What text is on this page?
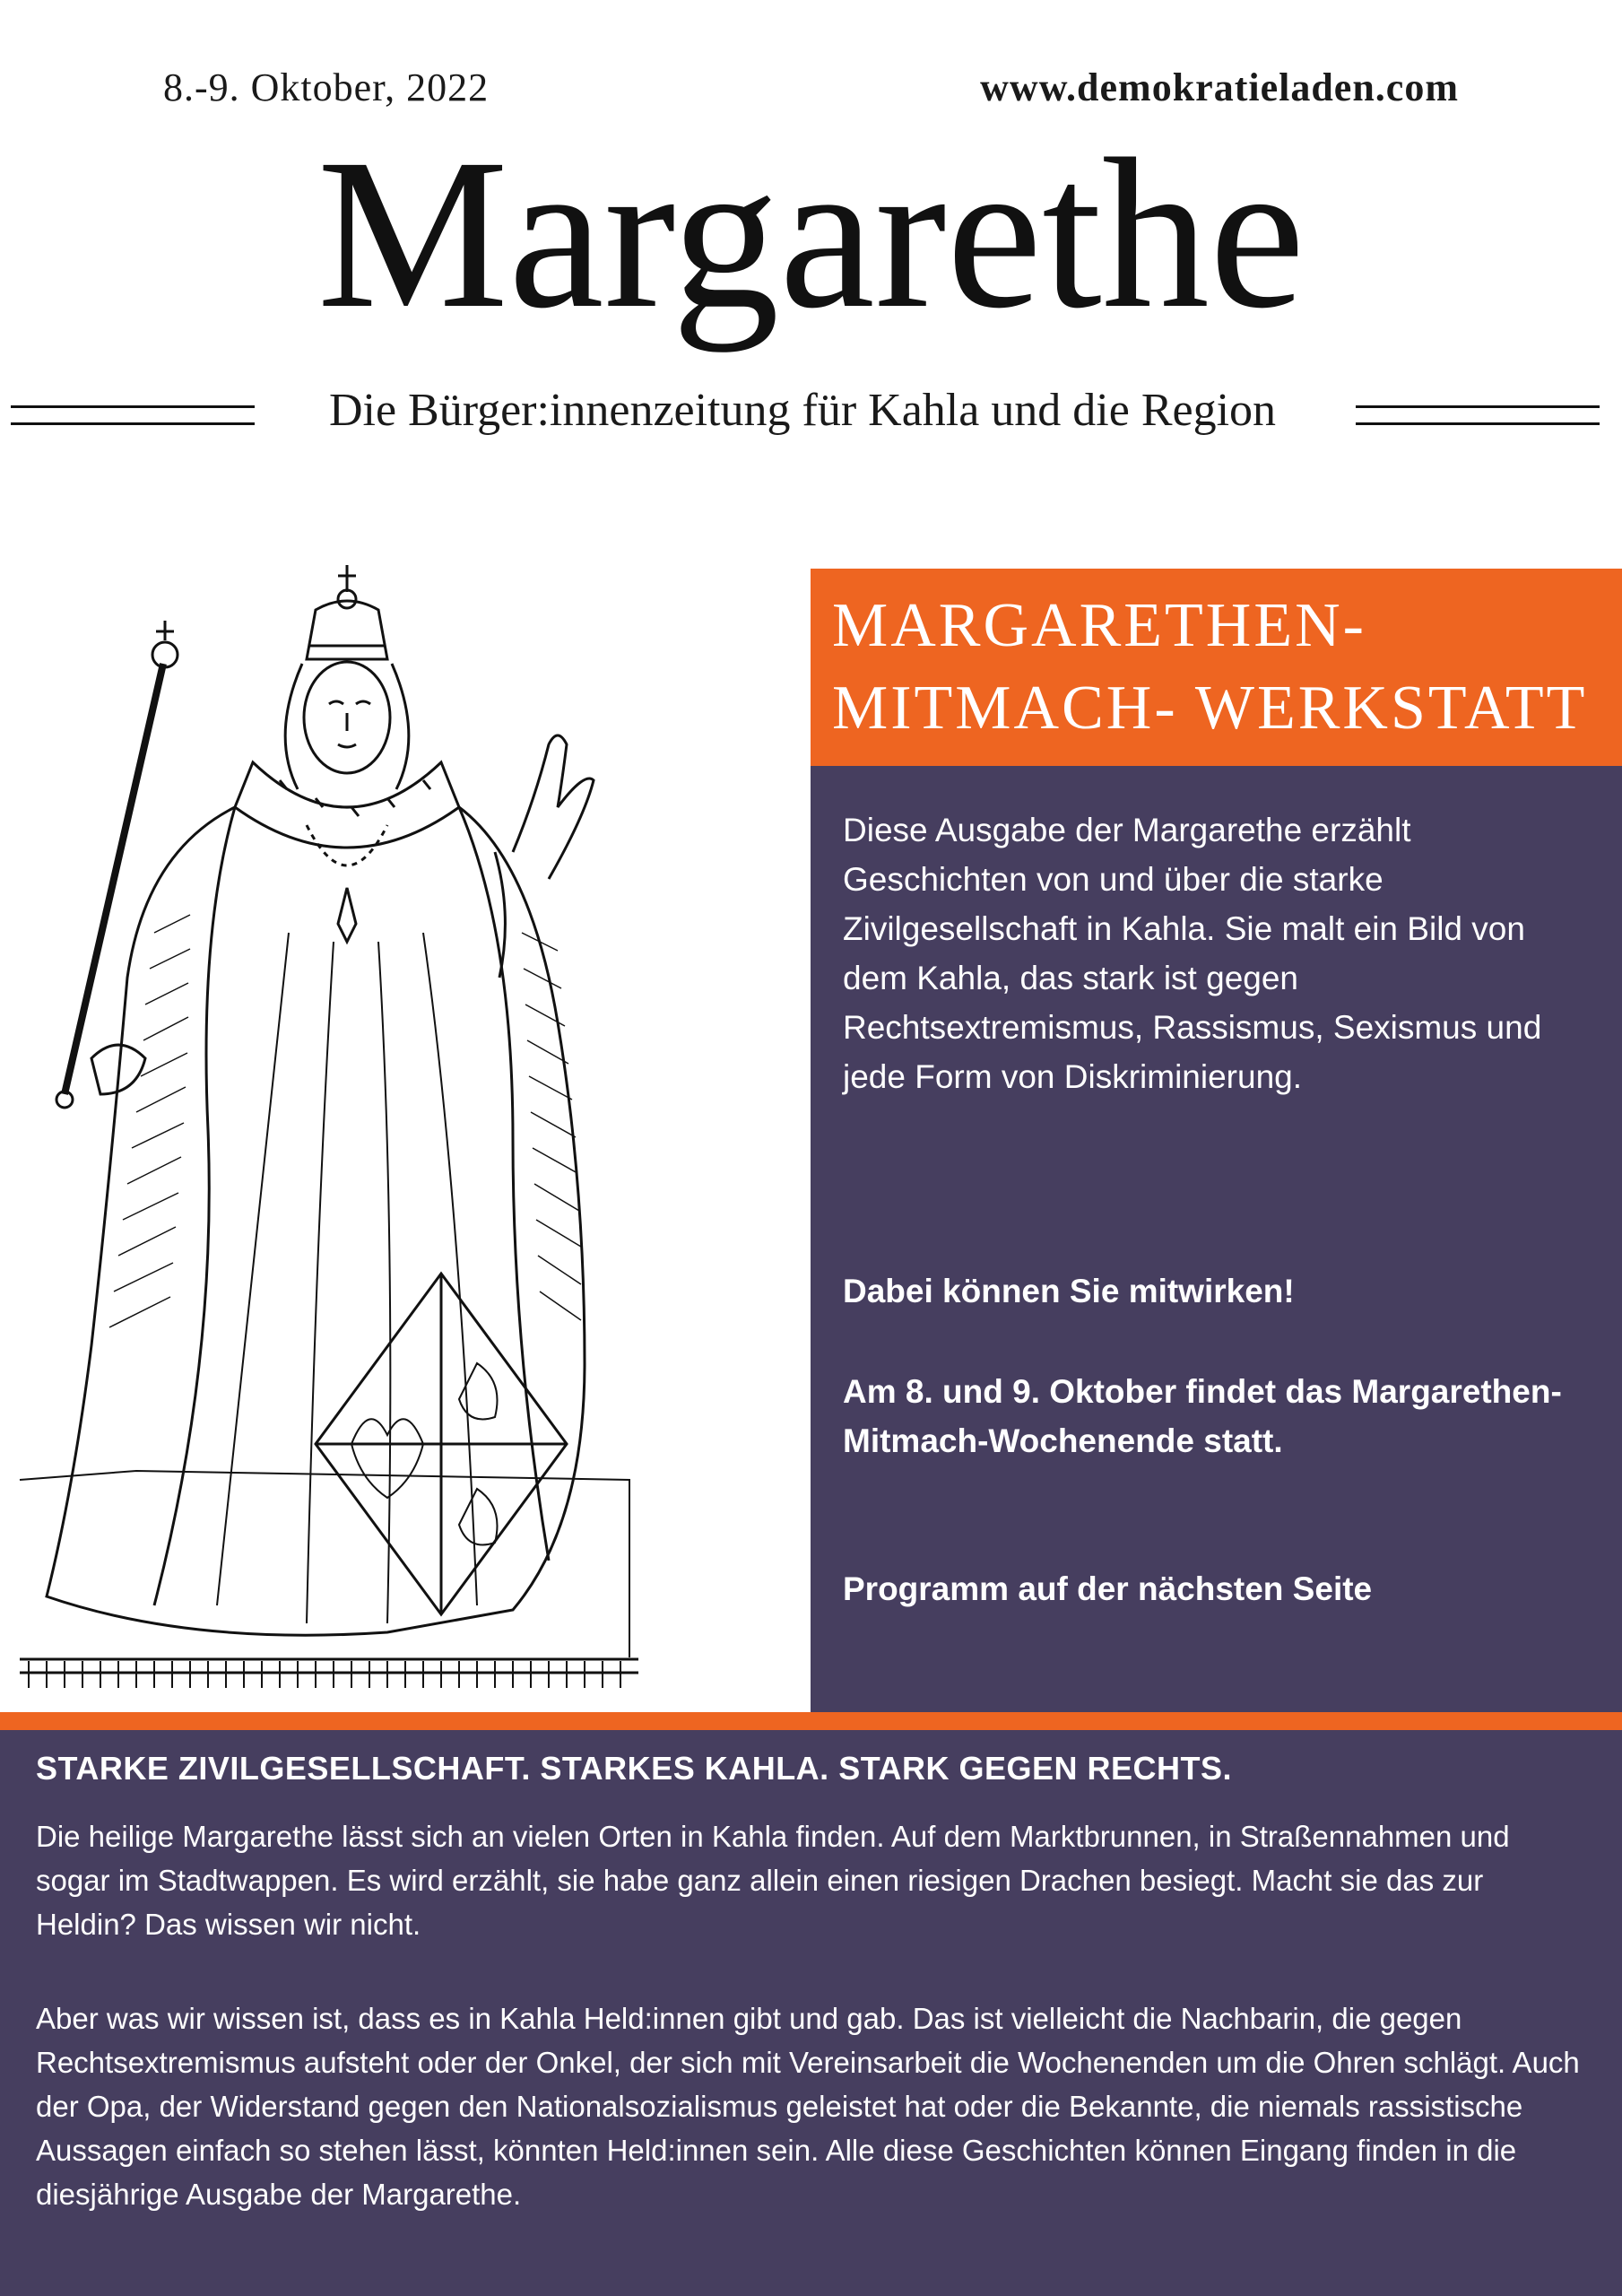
8.-9. Oktober, 2022	www.demokratieladen.com
Margarethe
Die Bürger:innenzeitung für Kahla und die Region
MARGARETHEN-
MITMACH- WERKSTATT
Diese Ausgabe der Margarethe erzählt Geschichten von und über die starke Zivilgesellschaft in Kahla. Sie malt ein Bild von dem Kahla, das stark ist gegen Rechtsextremismus, Rassismus, Sexismus und jede Form von Diskriminierung.
Dabei können Sie mitwirken!
Am 8. und 9. Oktober findet das Margarethen-Mitmach-Wochenende statt.
Programm auf der nächsten Seite
STARKE ZIVILGESELLSCHAFT. STARKES KAHLA. STARK GEGEN RECHTS.
Die heilige Margarethe lässt sich an vielen Orten in Kahla finden. Auf dem Marktbrunnen, in Straßennahmen und sogar im Stadtwappen. Es wird erzählt, sie habe ganz allein einen riesigen Drachen besiegt. Macht sie das zur Heldin? Das wissen wir nicht.
Aber was wir wissen ist, dass es in Kahla Held:innen gibt und gab. Das ist vielleicht die Nachbarin, die gegen Rechtsextremismus aufsteht oder der Onkel, der sich mit Vereinsarbeit die Wochenenden um die Ohren schlägt. Auch der Opa, der Widerstand gegen den Nationalsozialismus geleistet hat oder die Bekannte, die niemals rassistische Aussagen einfach so stehen lässt, könnten Held:innen sein. Alle diese Geschichten können Eingang finden in die diesjährige Ausgabe der Margarethe.
